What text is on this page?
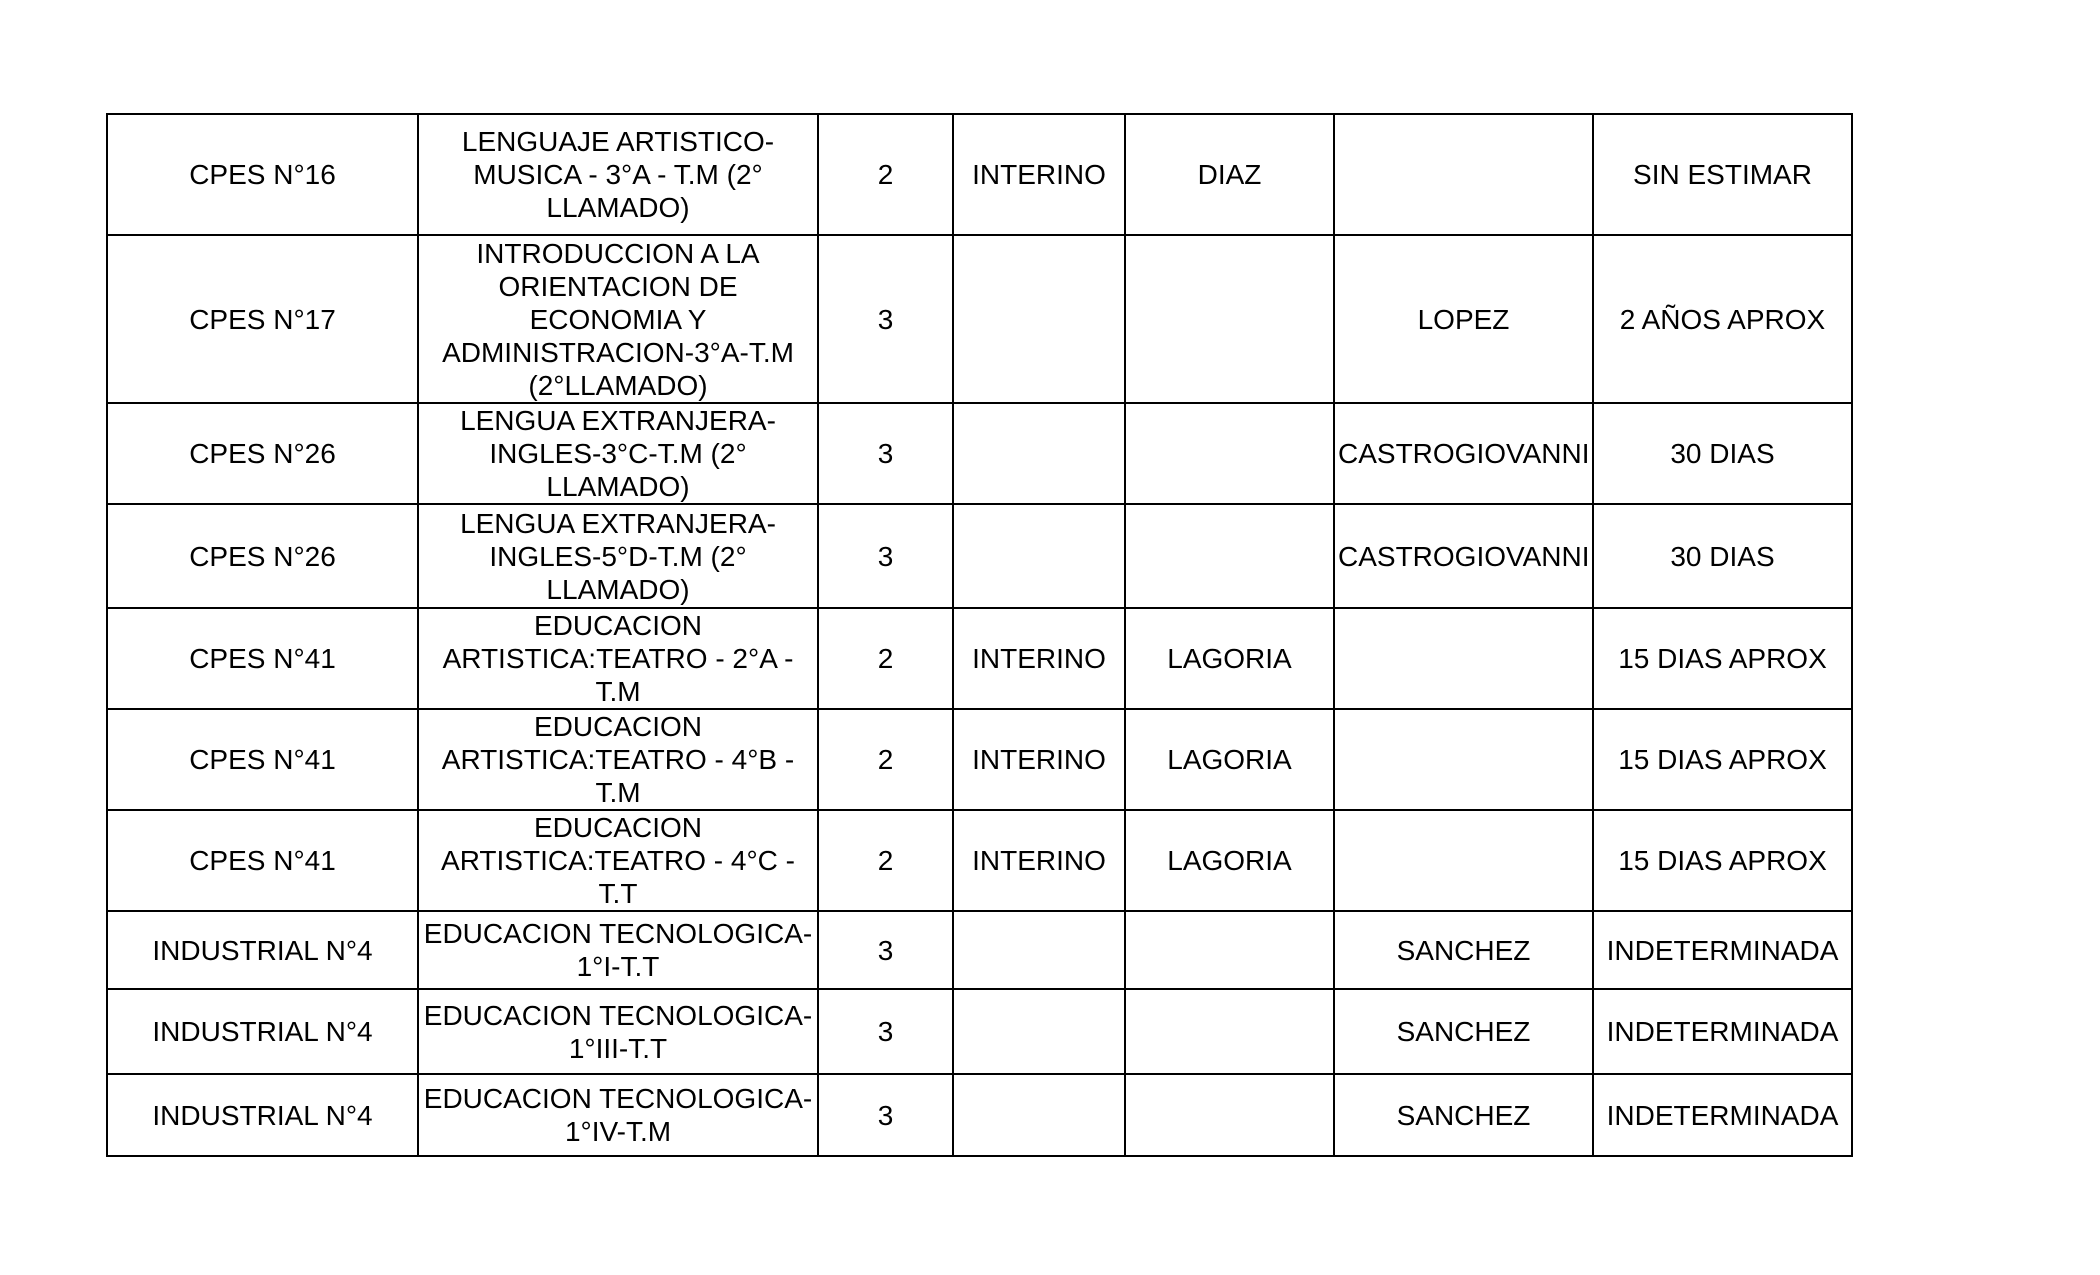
CPES N°16	LENGUAJE ARTISTICO-MUSICA - 3°A - T.M (2° LLAMADO)	2	INTERINO	DIAZ		SIN ESTIMAR
CPES N°17	INTRODUCCION A LA ORIENTACION DE ECONOMIA Y ADMINISTRACION-3°A-T.M (2°LLAMADO)	3			LOPEZ	2 AÑOS APROX
CPES N°26	LENGUA EXTRANJERA-INGLES-3°C-T.M (2° LLAMADO)	3			CASTROGIOVANNI	30 DIAS
CPES N°26	LENGUA EXTRANJERA-INGLES-5°D-T.M (2° LLAMADO)	3			CASTROGIOVANNI	30 DIAS
CPES N°41	EDUCACION ARTISTICA:TEATRO - 2°A - T.M	2	INTERINO	LAGORIA		15 DIAS APROX
CPES N°41	EDUCACION ARTISTICA:TEATRO - 4°B - T.M	2	INTERINO	LAGORIA		15 DIAS APROX
CPES N°41	EDUCACION ARTISTICA:TEATRO - 4°C - T.T	2	INTERINO	LAGORIA		15 DIAS APROX
INDUSTRIAL N°4	EDUCACION TECNOLOGICA-1°I-T.T	3			SANCHEZ	INDETERMINADA
INDUSTRIAL N°4	EDUCACION TECNOLOGICA-1°III-T.T	3			SANCHEZ	INDETERMINADA
INDUSTRIAL N°4	EDUCACION TECNOLOGICA-1°IV-T.M	3			SANCHEZ	INDETERMINADA
